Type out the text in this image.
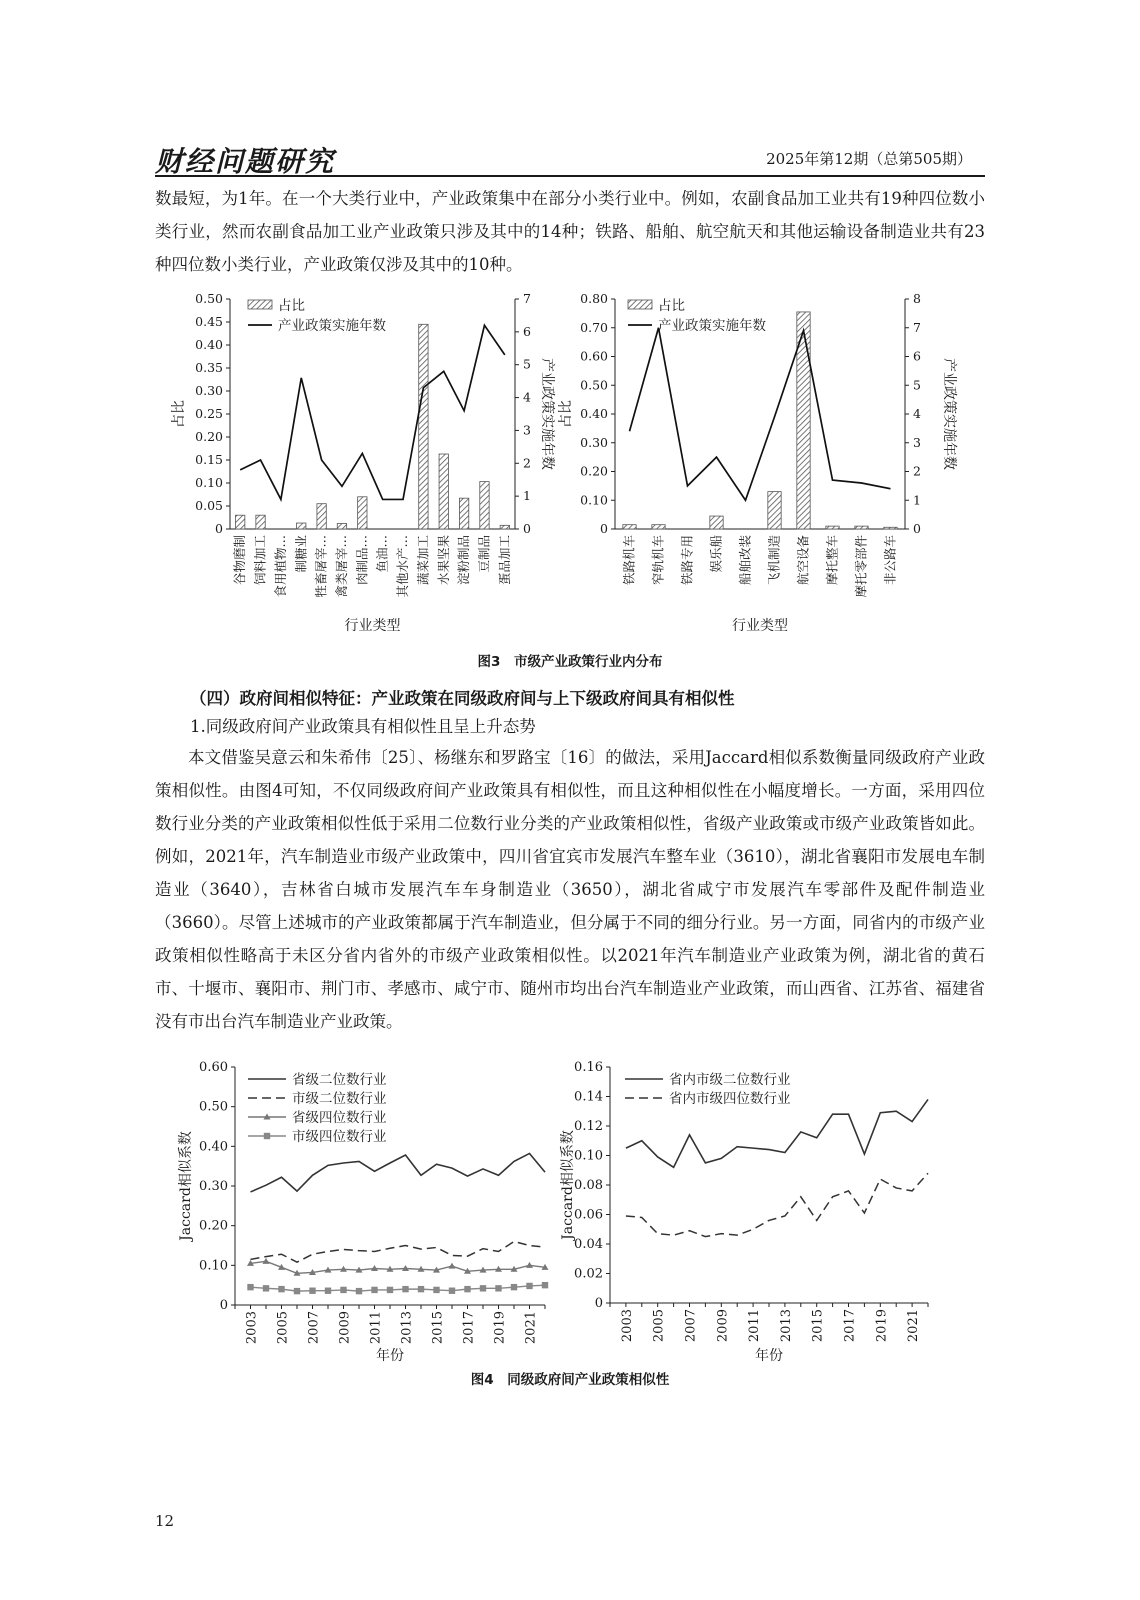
财经问题研究	2025年第12期（总第505期）

数最短，为1年。在一个大类行业中，产业政策集中在部分小类行业中。例如，农副食品加工业共有19种四位数小类行业，然而农副食品加工业产业政策只涉及其中的14种；铁路、船舶、航空航天和其他运输设备制造业共有23种四位数小类行业，产业政策仅涉及其中的10种。

0
0.05
0.10
0.15
0.20
0.25
0.30
0.35
0.40
0.45
0.50
0
1
2
3
4
5
6
7
谷物磨制 饲料加工 食用植物… 制糖业 牲畜屠宰… 禽类屠宰… 肉制品… 鱼油… 其他水产… 蔬菜加工 水果坚果 淀粉制品 豆制品 蛋品加工
占比
产业政策实施年数
占比	产业政策实施年数
行业类型
0
0.10
0.20
0.30
0.40
0.50
0.60
0.70
0.80
0
1
2
3
4
5
6
7
8
铁路机车 窄轨机车 铁路专用 娱乐船 船舶改装 飞机制造 航空设备 摩托整车 摩托零部件 非公路车
占比
产业政策实施年数
占比	产业政策实施年数
行业类型
图3　市级产业政策行业内分布
（四）政府间相似特征：产业政策在同级政府间与上下级政府间具有相似性
1.同级政府间产业政策具有相似性且呈上升态势

本文借鉴吴意云和朱希伟〔25〕、杨继东和罗路宝〔16〕的做法，采用Jaccard相似系数衡量同级政府产业政策相似性。由图4可知，不仅同级政府间产业政策具有相似性，而且这种相似性在小幅度增长。一方面，采用四位数行业分类的产业政策相似性低于采用二位数行业分类的产业政策相似性，省级产业政策或市级产业政策皆如此。例如，2021年，汽车制造业市级产业政策中，四川省宜宾市发展汽车整车业（3610），湖北省襄阳市发展电车制造业（3640），吉林省白城市发展汽车车身制造业（3650），湖北省咸宁市发展汽车零部件及配件制造业（3660）。尽管上述城市的产业政策都属于汽车制造业，但分属于不同的细分行业。另一方面，同省内的市级产业政策相似性略高于未区分省内省外的市级产业政策相似性。以2021年汽车制造业产业政策为例，湖北省的黄石市、十堰市、襄阳市、荆门市、孝感市、咸宁市、随州市均出台汽车制造业产业政策，而山西省、江苏省、福建省没有市出台汽车制造业产业政策。

0
0.10
0.20
0.30
0.40
0.50
0.60
2003 2005 2007 2009 2011 2013 2015 2017 2019 2021
省级二位数行业
市级二位数行业
省级四位数行业
市级四位数行业
Jaccard相似系数
年份
0
0.02
0.04
0.06
0.08
0.10
0.12
0.14
0.16
2003 2005 2007 2009 2011 2013 2015 2017 2019 2021
省内市级二位数行业
省内市级四位数行业
Jaccard相似系数
年份
图4　同级政府间产业政策相似性
12
